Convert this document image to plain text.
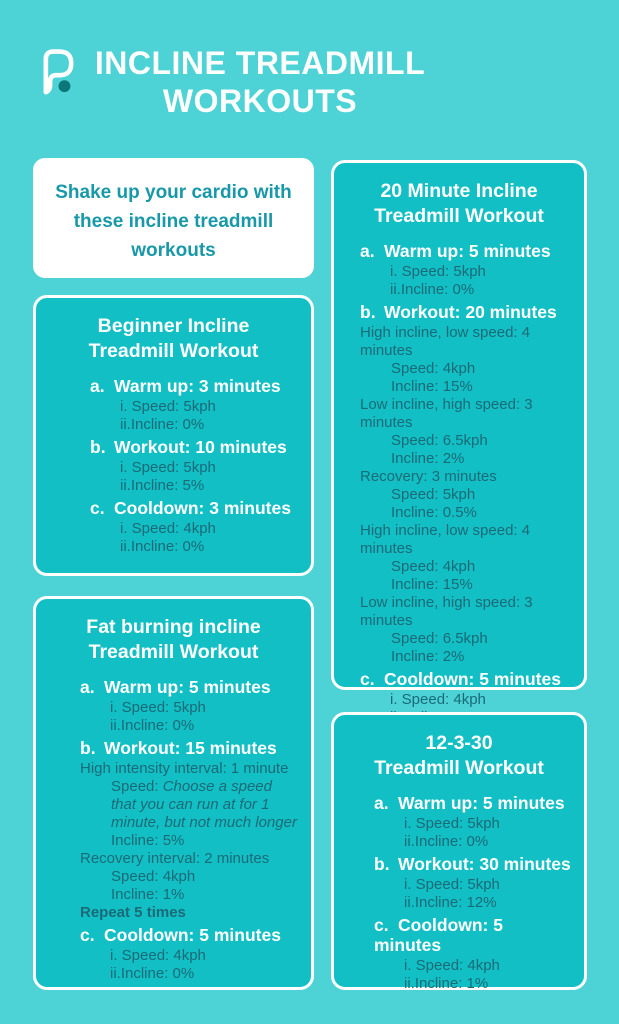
INCLINE TREADMILL
WORKOUTS
Shake up your cardio with
these incline treadmill
workouts
Beginner Incline
Treadmill Workout
a. Warm up: 3 minutes
i. Speed: 5kph
ii.Incline: 0%
b. Workout: 10 minutes
i. Speed: 5kph
ii.Incline: 5%
c. Cooldown: 3 minutes
i. Speed: 4kph
ii.Incline: 0%
Fat burning incline
Treadmill Workout
a. Warm up: 5 minutes
i. Speed: 5kph
ii.Incline: 0%
b. Workout: 15 minutes
High intensity interval: 1 minute
Speed: Choose a speed that you can run at for 1 minute, but not much longer
Incline: 5%
Recovery interval: 2 minutes
Speed: 4kph
Incline: 1%
Repeat 5 times
c. Cooldown: 5 minutes
i. Speed: 4kph
ii.Incline: 0%
20 Minute Incline
Treadmill Workout
a. Warm up: 5 minutes
i. Speed: 5kph
ii.Incline: 0%
b. Workout: 20 minutes
High incline, low speed: 4 minutes
Speed: 4kph
Incline: 15%
Low incline, high speed: 3 minutes
Speed: 6.5kph
Incline: 2%
Recovery: 3 minutes
Speed: 5kph
Incline: 0.5%
High incline, low speed: 4 minutes
Speed: 4kph
Incline: 15%
Low incline, high speed: 3 minutes
Speed: 6.5kph
Incline: 2%
c. Cooldown: 5 minutes
i. Speed: 4kph
12-3-30
Treadmill Workout
a. Warm up: 5 minutes
i. Speed: 5kph
ii.Incline: 0%
b. Workout: 30 minutes
i. Speed: 5kph
ii.Incline: 12%
c. Cooldown: 5 minutes
i. Speed: 4kph
ii.Incline: 1%
